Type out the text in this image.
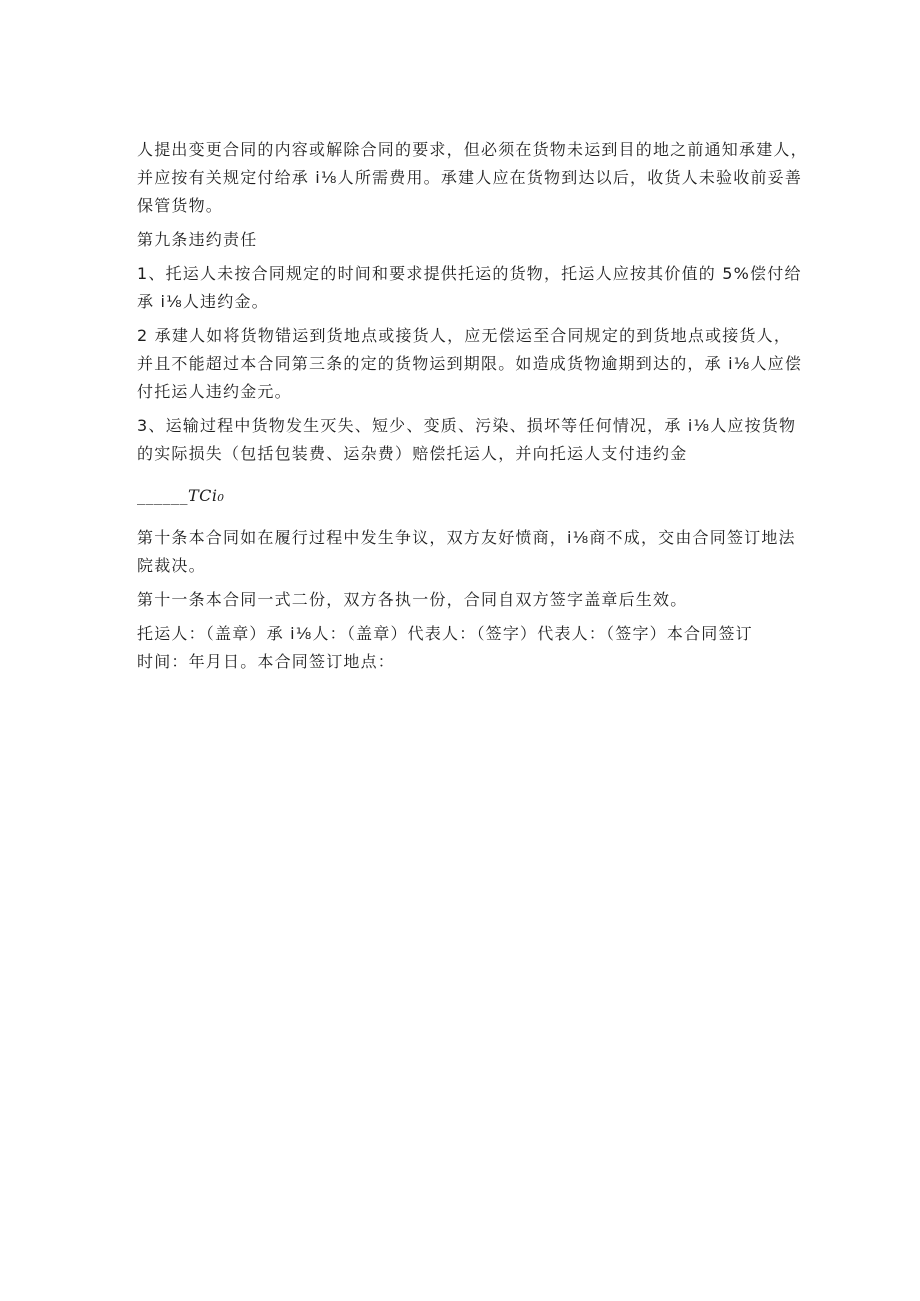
人提出变更合同的内容或解除合同的要求，但必须在货物未运到目的地之前通知承建人，
并应按有关规定付给承 i⅛人所需费用。承建人应在货物到达以后，收货人未验收前妥善
保管货物。
第九条违约责任
1、托运人未按合同规定的时间和要求提供托运的货物，托运人应按其价值的 5%偿付给
承 i⅛人违约金。
2 承建人如将货物错运到货地点或接货人，应无偿运至合同规定的到货地点或接货人，
并且不能超过本合同第三条的定的货物运到期限。如造成货物逾期到达的，承 i⅛人应偿
付托运人违约金元。
3、运输过程中货物发生灭失、短少、变质、污染、损坏等任何情况，承 i⅛人应按货物
的实际损失（包括包装费、运杂费）赔偿托运人，并向托运人支付违约金
______TCi₀
第十条本合同如在履行过程中发生争议，双方友好愤商，i⅛商不成，交由合同签订地法
院裁决。
第十一条本合同一式二份，双方各执一份，合同自双方签字盖章后生效。
托运人：（盖章）承 i⅛人：（盖章）代表人：（签字）代表人：（签字）本合同签订
时间：年月日。本合同签订地点：
